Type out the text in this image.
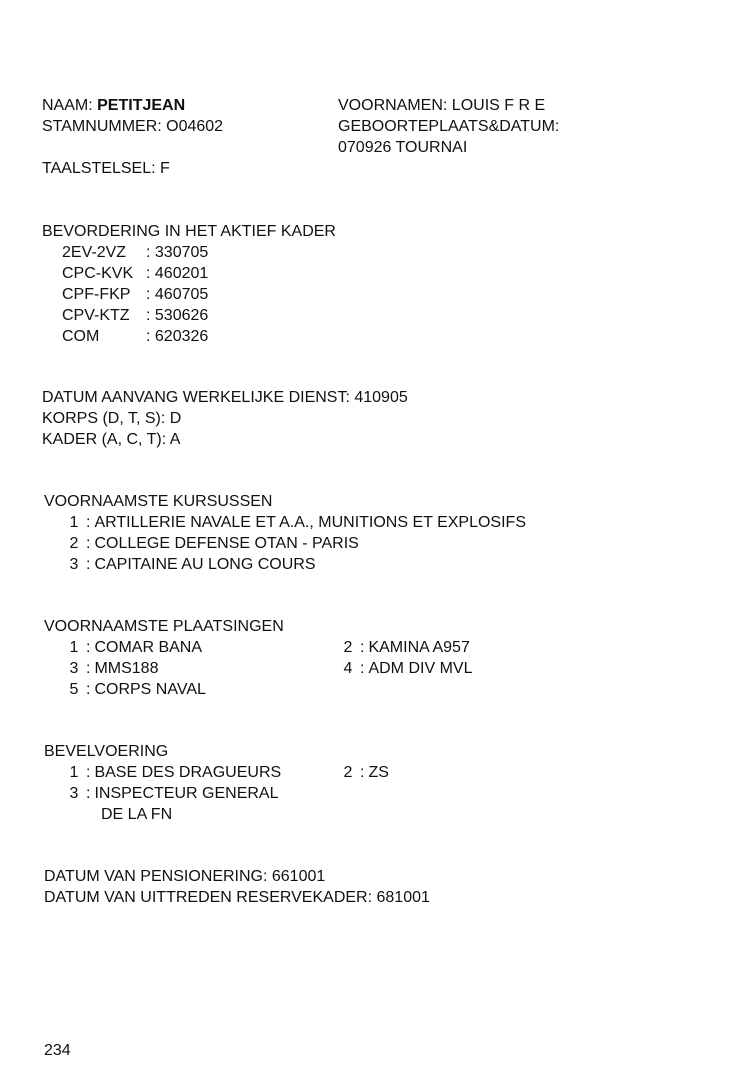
NAAM: PETITJEAN
STAMNUMMER: O04602
TAALSTELSEL: F
VOORNAMEN: LOUIS F R E
GEBOORTEPLAATS&DATUM:
070926 TOURNAI
BEVORDERING IN HET AKTIEF KADER
2EV-2VZ : 330705
CPC-KVK : 460201
CPF-FKP : 460705
CPV-KTZ : 530626
COM	: 620326
DATUM AANVANG WERKELIJKE DIENST: 410905
KORPS (D, T, S): D
KADER (A, C, T): A
VOORNAAMSTE KURSUSSEN
1 : ARTILLERIE NAVALE ET A.A., MUNITIONS ET EXPLOSIFS
2 : COLLEGE DEFENSE OTAN - PARIS
3 : CAPITAINE AU LONG COURS
VOORNAAMSTE PLAATSINGEN
1 : COMAR BANA	2 : KAMINA A957
3 : MMS188	4 : ADM DIV MVL
5 : CORPS NAVAL
BEVELVOERING
1 : BASE DES DRAGUEURS	2 : ZS
3 : INSPECTEUR GENERAL
DE LA FN
DATUM VAN PENSIONERING: 661001
DATUM VAN UITTREDEN RESERVEKADER: 681001
234
